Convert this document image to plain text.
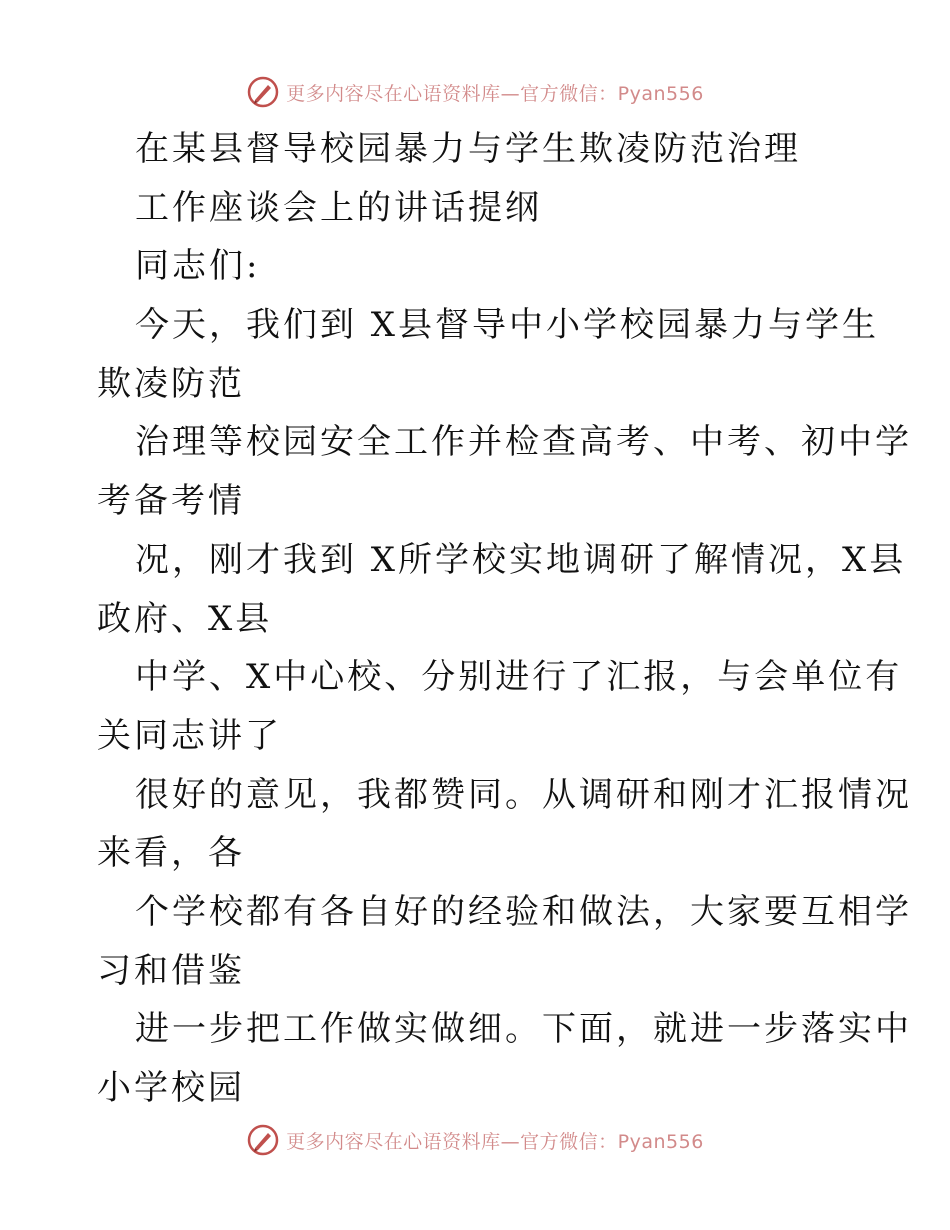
更多内容尽在心语资料库—官方微信：Pyan556
在某县督导校园暴力与学生欺凌防范治理
工作座谈会上的讲话提纲
同志们:
今天，我们到 X县督导中小学校园暴力与学生
欺凌防范
治理等校园安全工作并检查高考、中考、初中学
考备考情
况，刚才我到 X所学校实地调研了解情况，X县
政府、X县
中学、X中心校、分别进行了汇报，与会单位有
关同志讲了
很好的意见，我都赞同。从调研和刚才汇报情况
来看，各
个学校都有各自好的经验和做法，大家要互相学
习和借鉴
进一步把工作做实做细。下面，就进一步落实中
小学校园
更多内容尽在心语资料库—官方微信：Pyan556
